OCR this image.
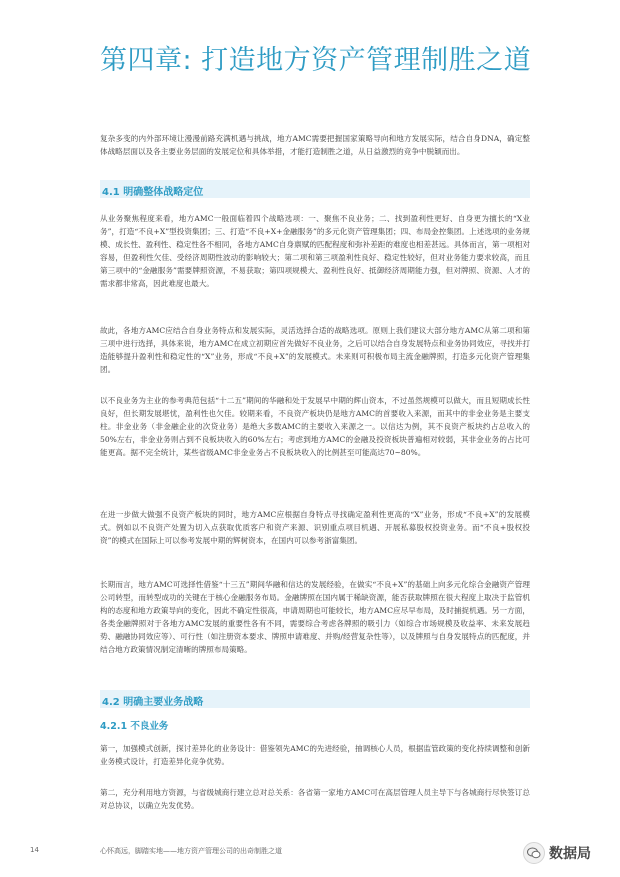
第四章: 打造地方资产管理制胜之道

复杂多变的内外部环境让漫漫前路充满机遇与挑战，地方AMC需要把握国家策略导向和地方发展实际，结合自身DNA，确定整体战略层面以及各主要业务层面的发展定位和具体举措，才能打造制胜之道，从日益激烈的竞争中脱颖而出。

4.1 明确整体战略定位

从业务聚焦程度来看，地方AMC一般面临着四个战略选项：一、聚焦不良业务；二、找到盈利性更好、自身更为擅长的“X业务”，打造“不良+X”型投资集团；三、打造“不良+X+金融服务”的多元化资产管理集团；四、布局金控集团。上述选项的业务规模、成长性、盈利性、稳定性各不相同，各地方AMC自身禀赋的匹配程度和弥补差距的难度也相差甚远。具体而言，第一项相对容易，但盈利性欠佳、受经济周期性波动的影响较大；第二项和第三项盈利性良好、稳定性较好，但对业务能力要求较高，而且第三项中的“金融服务”需要牌照资源，不易获取；第四项规模大、盈利性良好、抵御经济周期能力强，但对牌照、资源、人才的需求都非常高，因此难度也最大。

故此，各地方AMC应结合自身业务特点和发展实际，灵活选择合适的战略选项。原则上我们建议大部分地方AMC从第二项和第三项中进行选择，具体来说，地方AMC在成立初期应首先做好不良业务，之后可以结合自身发展特点和业务协同效应，寻找并打造能够提升盈利性和稳定性的“X”业务，形成“不良+X”的发展模式。未来则可积极布局主流金融牌照，打造多元化资产管理集团。

以不良业务为主业的参考典范包括“十二五”期间的华融和处于发展早中期的辉山资本，不过虽然规模可以做大，而且短期成长性良好，但长期发展堪忧，盈利性也欠佳。较期来看，不良资产板块仍是地方AMC的首要收入来源，而其中的非金业务是主要支柱。非金业务（非金融企业的次贷业务）是绝大多数AMC的主要收入来源之一。以信达为例，其不良资产板块约占总收入的50%左右，非金业务则占到不良板块收入的60%左右；考虑到地方AMC的金融及投资板块普遍相对较弱，其非金业务的占比可能更高。据不完全统计，某些省级AMC非金业务占不良板块收入的比例甚至可能高达70~80%。

在进一步做大做强不良资产板块的同时，地方AMC应根据自身特点寻找确定盈利性更高的“X”业务，形成“不良+X”的发展模式。例如以不良资产处置为切入点获取优质客户和资产来源、识别重点项目机遇、开展私募股权投资业务。而“不良+股权投资”的模式在国际上可以参考发展中期的辉树资本，在国内可以参考浙富集团。

长期而言，地方AMC可选择性借鉴“十三五”期间华融和信达的发展经验，在做实“不良+X”的基础上向多元化综合金融资产管理公司转型，而转型成功的关键在于核心金融服务布局。金融牌照在国内属于稀缺资源，能否获取牌照在很大程度上取决于监管机构的态度和地方政策导向的变化，因此不确定性很高，申请周期也可能较长，地方AMC应尽早布局，及时捕捉机遇。另一方面，各类金融牌照对于各地方AMC发展的重要性各有不同，需要综合考虑各牌照的吸引力（如综合市场规模及收益率、未来发展趋势、融融协同效应等）、可行性（如注册资本要求、牌照申请难度、并购/经营复杂性等），以及牌照与自身发展特点的匹配度，并结合地方政策情况制定清晰的牌照布局策略。

4.2 明确主要业务战略
4.2.1 不良业务

第一，加强模式创新，探讨差异化的业务设计：借鉴领先AMC的先进经验，抽调核心人员，根据监管政策的变化持续调整和创新业务模式设计，打造差异化竞争优势。

第二，充分利用地方资源，与省级城商行建立总对总关系：各省第一家地方AMC可在高层管理人员主导下与各城商行尽快签订总对总协议，以确立先发优势。

14	心怀高远，脚踏实地——地方资产管理公司的出奇制胜之道	数据局
